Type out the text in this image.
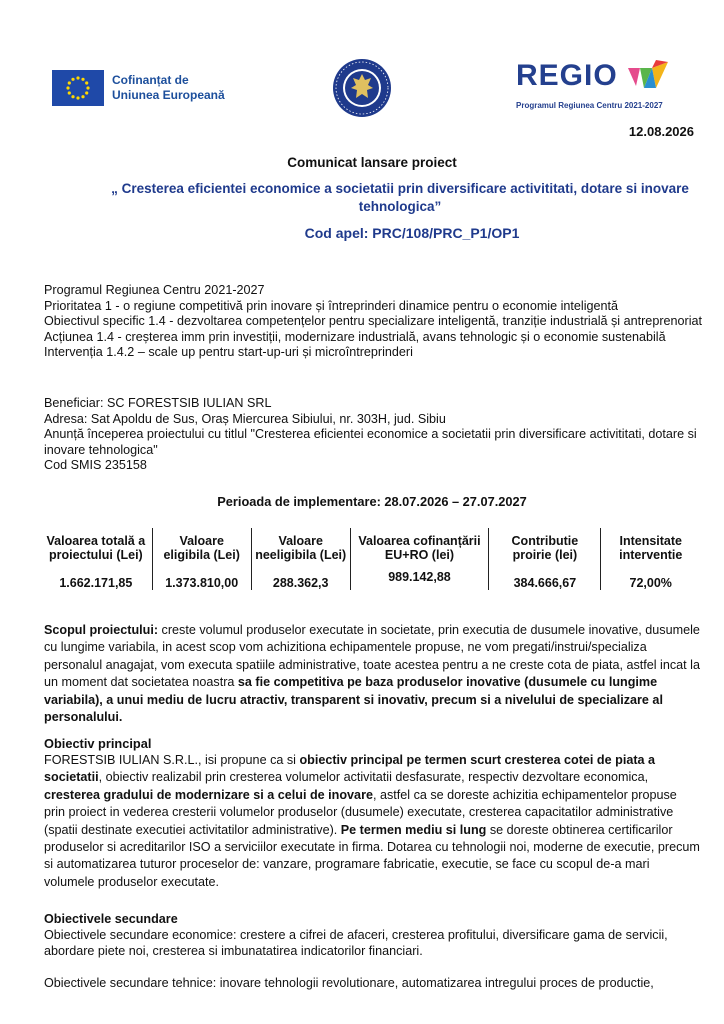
Cofinanțat de
Uniunea Europeană
REGIO
Programul Regiunea Centru 2021-2027
12.08.2026
Comunicat lansare proiect
„ Cresterea eficientei economice a societatii prin diversificare activititati, dotare si inovare tehnologica”
Cod apel: PRC/108/PRC_P1/OP1
Programul Regiunea Centru 2021-2027
Prioritatea 1 - o regiune competitivă prin inovare și întreprinderi dinamice pentru o economie inteligentă
Obiectivul specific 1.4 - dezvoltarea competențelor pentru specializare inteligentă, tranziție industrială și antreprenoriat
Acțiunea 1.4 - creșterea imm prin investiții, modernizare industrială, avans tehnologic și o economie sustenabilă
Intervenția 1.4.2 – scale up pentru start-up-uri și microîntreprinderi
Beneficiar: SC FORESTSIB IULIAN SRL
Adresa: Sat Apoldu de Sus, Oraș Miercurea Sibiului, nr. 303H, jud. Sibiu
Anunță începerea proiectului cu titlul "Cresterea eficientei economice a societatii prin diversificare activititati, dotare si inovare tehnologica"
Cod SMIS 235158
Perioada de implementare: 28.07.2026 – 27.07.2027
Valoarea totală a proiectului (Lei)	Valoare eligibila (Lei)	Valoare neeligibila (Lei)	Valoarea cofinanțării EU+RO (lei)	Contributie proirie (lei)	Intensitate interventie
1.662.171,85	1.373.810,00	288.362,3	989.142,88	384.666,67	72,00%
Scopul proiectului: creste volumul produselor executate in societate, prin executia de dusumele inovative, dusumele cu lungime variabila, in acest scop vom achizitiona echipamentele propuse, ne vom pregati/instrui/specializa personalul anagajat, vom executa spatiile administrative, toate acestea pentru a ne creste cota de piata, astfel incat la un moment dat societatea noastra sa fie competitiva pe baza produselor inovative (dusumele cu lungime variabila), a unui mediu de lucru atractiv, transparent si inovativ, precum si a nivelului de specializare al personalului.
Obiectiv principal
FORESTSIB IULIAN S.R.L., isi propune ca si obiectiv principal pe termen scurt cresterea cotei de piata a societatii, obiectiv realizabil prin cresterea volumelor activitatii desfasurate, respectiv dezvoltare economica, cresterea gradului de modernizare si a celui de inovare, astfel ca se doreste achizitia echipamentelor propuse prin proiect in vederea cresterii volumelor produselor (dusumele) executate, cresterea capacitatilor administrative (spatii destinate executiei activitatilor administrative). Pe termen mediu si lung se doreste obtinerea certificarilor produselor si acreditarilor ISO a serviciilor executate in firma. Dotarea cu tehnologii noi, moderne de executie, precum si automatizarea tuturor proceselor de: vanzare, programare fabricatie, executie, se face cu scopul de-a mari volumele produselor executate.
Obiectivele secundare
Obiectivele secundare economice: crestere a cifrei de afaceri, cresterea profitului, diversificare gama de servicii, abordare piete noi, cresterea si imbunatatirea indicatorilor financiari.
Obiectivele secundare tehnice: inovare tehnologii revolutionare, automatizarea intregului proces de productie,
